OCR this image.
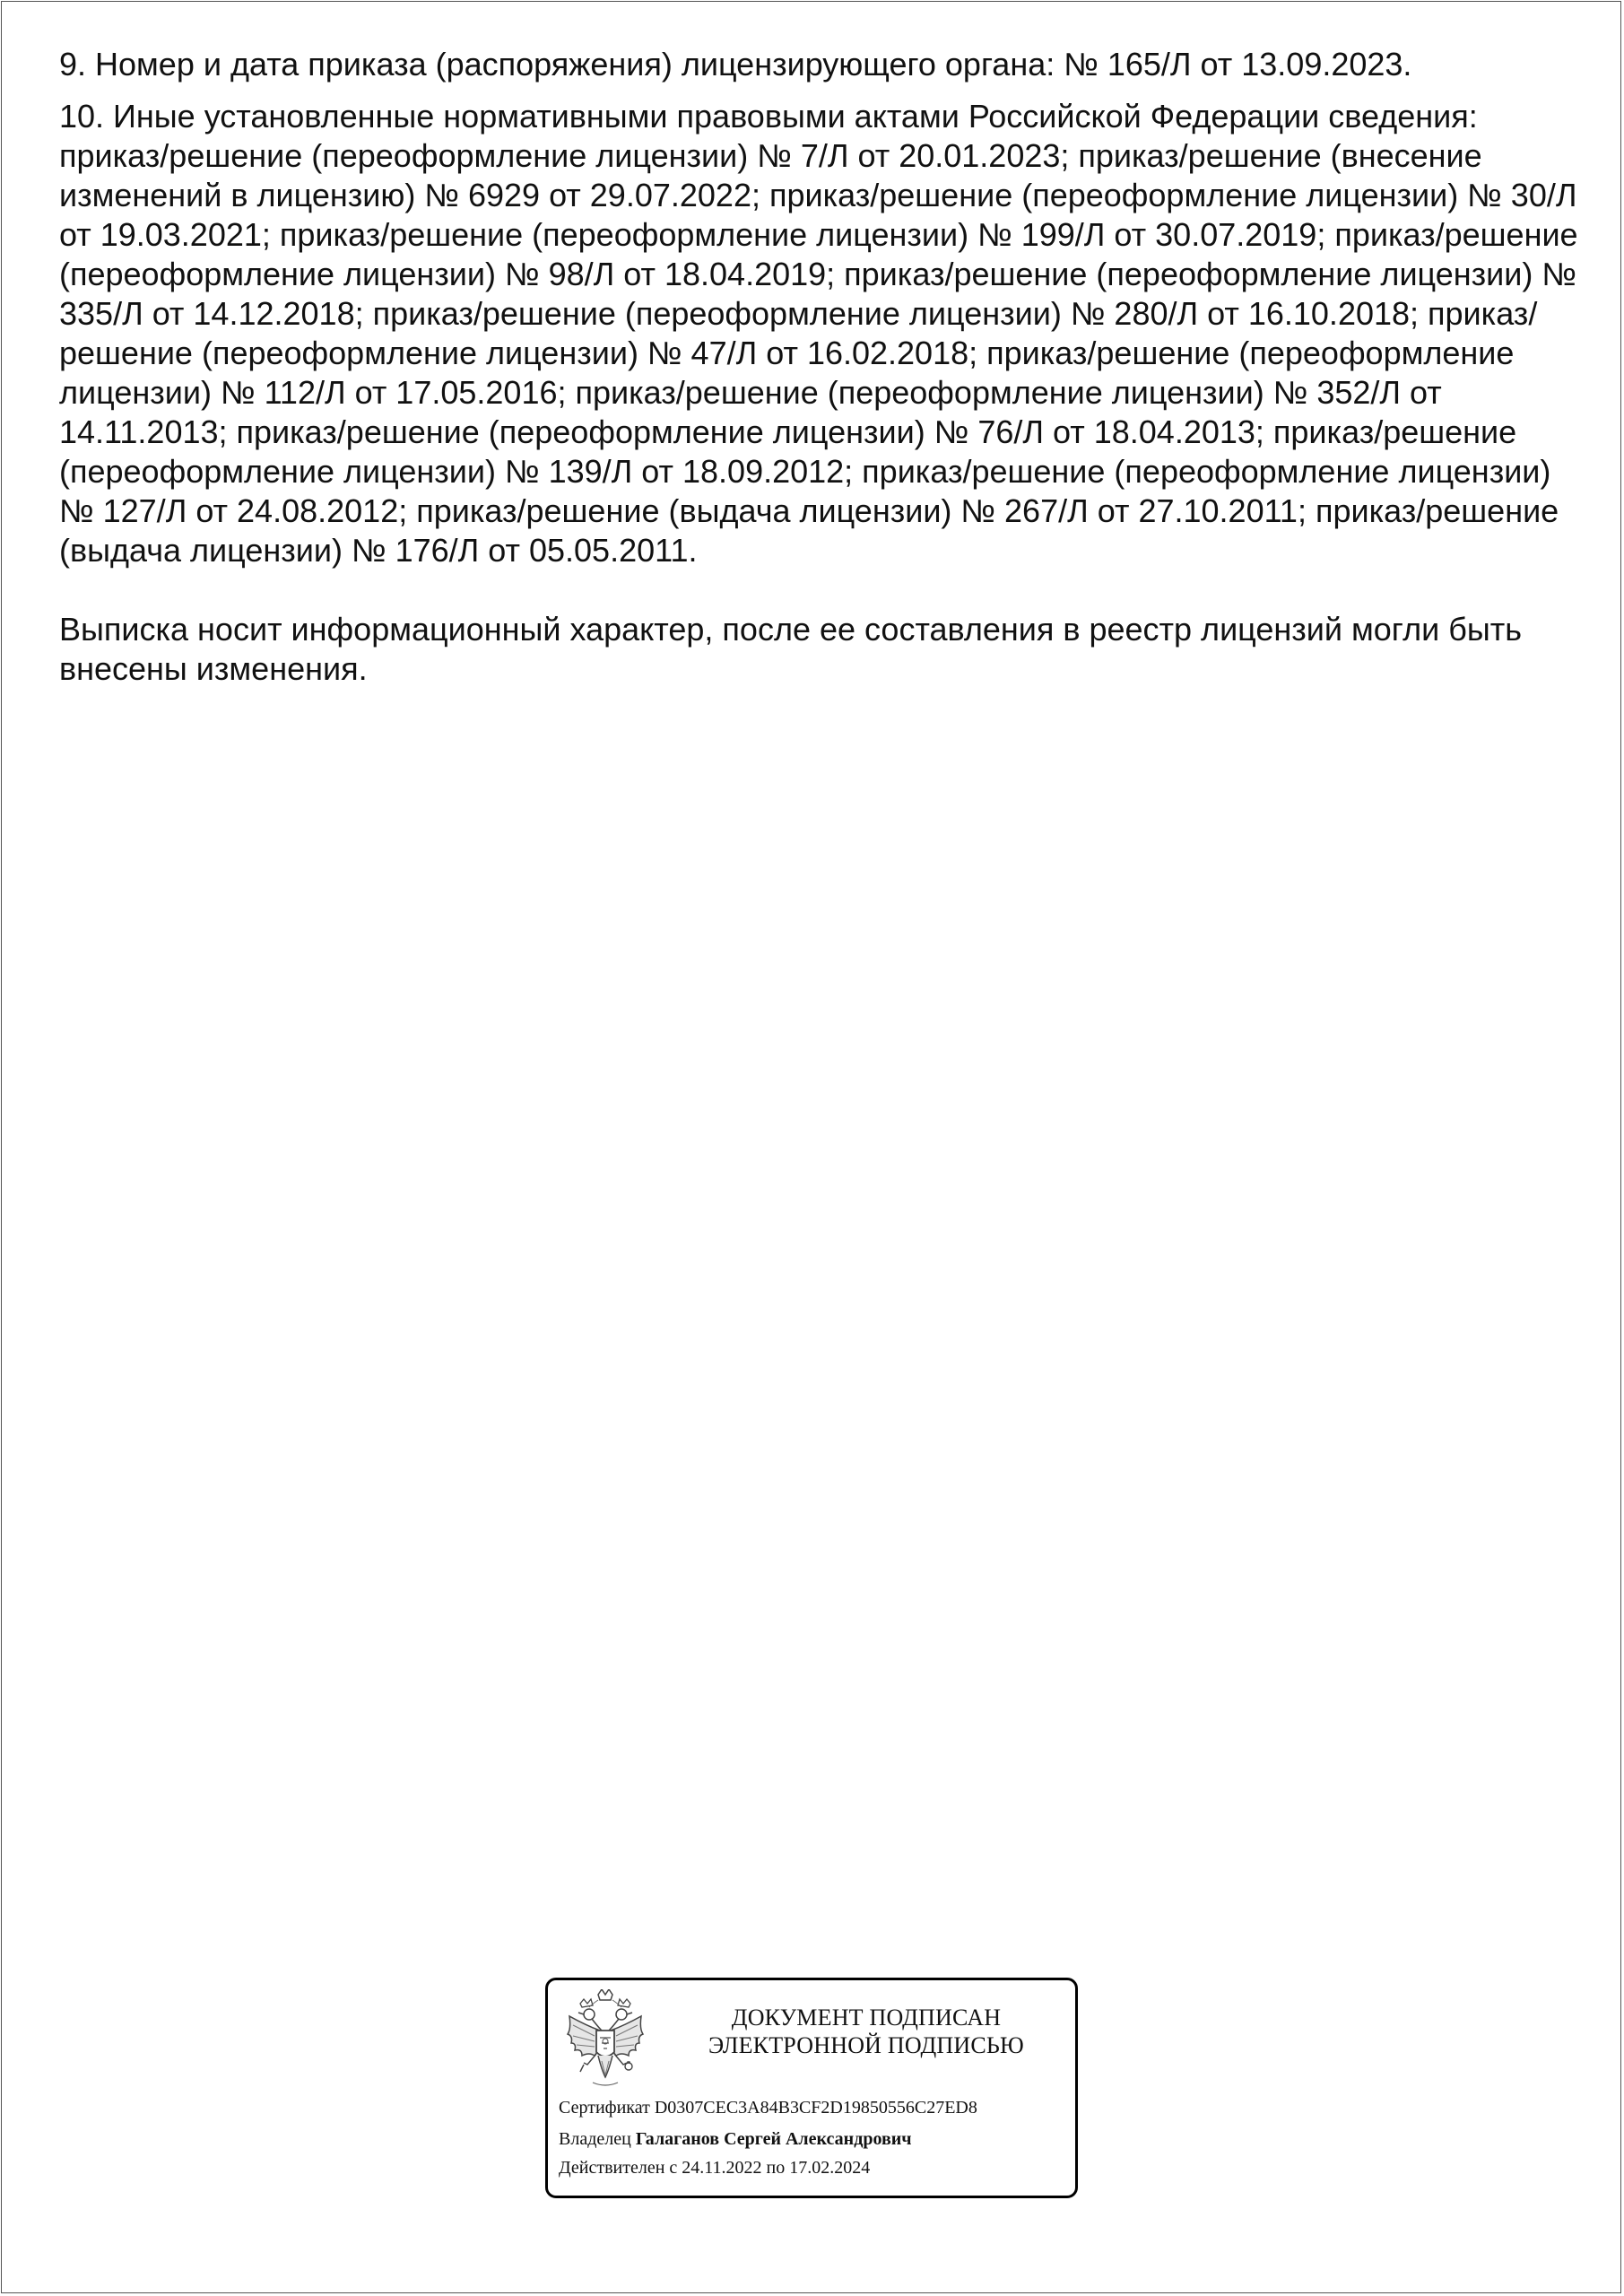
9. Номер и дата приказа (распоряжения) лицензирующего органа: № 165/Л от 13.09.2023.

10. Иные установленные нормативными правовыми актами Российской Федерации сведения: приказ/решение (переоформление лицензии) № 7/Л от 20.01.2023; приказ/решение (внесение изменений в лицензию) № 6929 от 29.07.2022; приказ/решение (переоформление лицензии) № 30/Л от 19.03.2021; приказ/решение (переоформление лицензии) № 199/Л от 30.07.2019; приказ/решение (переоформление лицензии) № 98/Л от 18.04.2019; приказ/решение (переоформление лицензии) № 335/Л от 14.12.2018; приказ/решение (переоформление лицензии) № 280/Л от 16.10.2018; приказ/решение (переоформление лицензии) № 47/Л от 16.02.2018; приказ/решение (переоформление лицензии) № 112/Л от 17.05.2016; приказ/решение (переоформление лицензии) № 352/Л от 14.11.2013; приказ/решение (переоформление лицензии) № 76/Л от 18.04.2013; приказ/решение (переоформление лицензии) № 139/Л от 18.09.2012; приказ/решение (переоформление лицензии) № 127/Л от 24.08.2012; приказ/решение (выдача лицензии) № 267/Л от 27.10.2011; приказ/решение (выдача лицензии) № 176/Л от 05.05.2011.

Выписка носит информационный характер, после ее составления в реестр лицензий могли быть внесены изменения.

ДОКУМЕНТ ПОДПИСАН
ЭЛЕКТРОННОЙ ПОДПИСЬЮ
Сертификат D0307CEC3A84B3CF2D19850556C27ED8
Владелец Галаганов Сергей Александрович
Действителен с 24.11.2022 по 17.02.2024
